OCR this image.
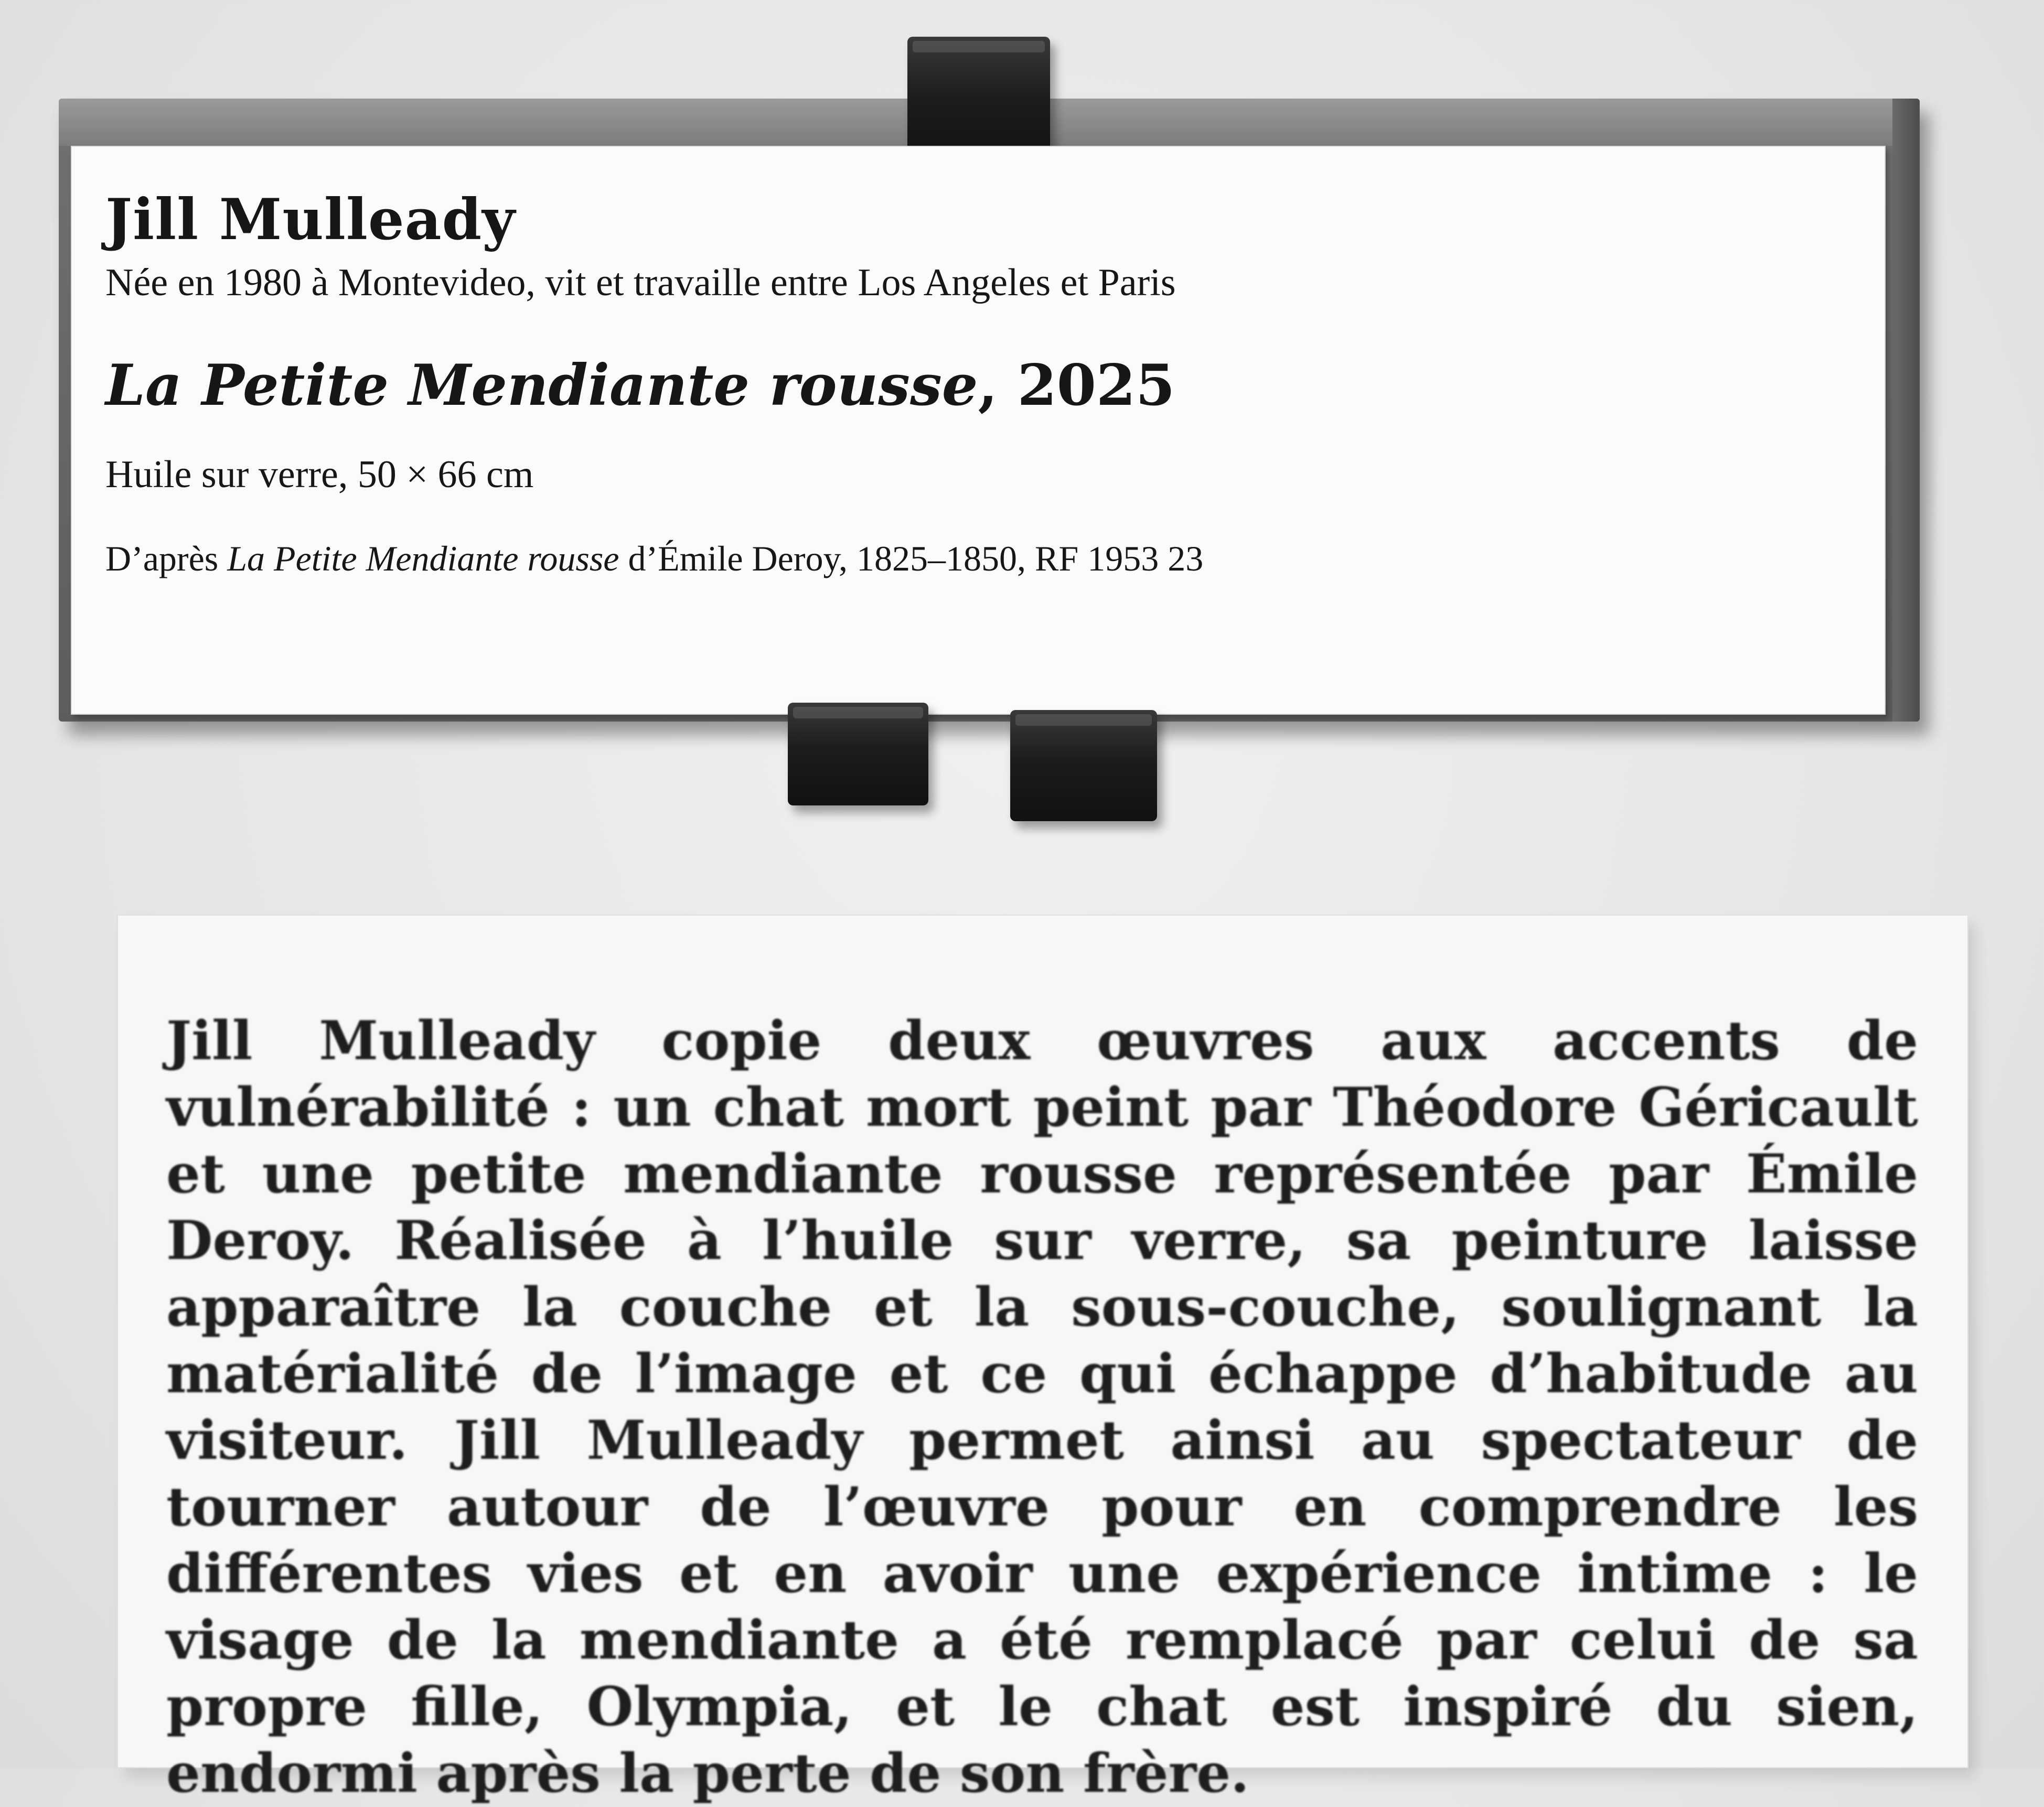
Jill Mulleady

Née en 1980 à Montevideo, vit et travaille entre Los Angeles et Paris

La Petite Mendiante rousse, 2025

Huile sur verre, 50 × 66 cm

D’après La Petite Mendiante rousse d’Émile Deroy, 1825–1850, RF 1953 23

Jill Mulleady copie deux œuvres aux accents de vulnérabilité : un chat mort peint par Théodore Géricault et une petite mendiante rousse représentée par Émile Deroy. Réalisée à l’huile sur verre, sa peinture laisse apparaître la couche et la sous-couche, soulignant la matérialité de l’image et ce qui échappe d’habitude au visiteur. Jill Mulleady permet ainsi au spectateur de tourner autour de l’œuvre pour en comprendre les différentes vies et en avoir une expérience intime : le visage de la mendiante a été remplacé par celui de sa propre fille, Olympia, et le chat est inspiré du sien, endormi après la perte de son frère.
